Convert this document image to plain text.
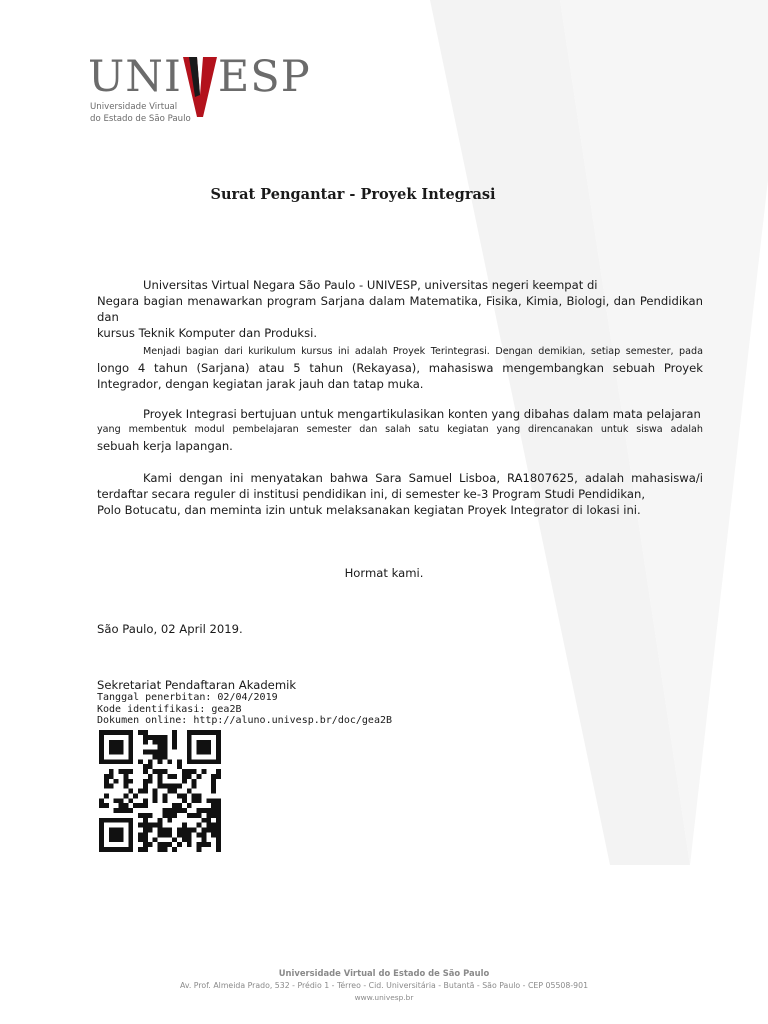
UNI ESP
Universidade Virtual
do Estado de São Paulo
Surat Pengantar - Proyek Integrasi
Universitas Virtual Negara São Paulo - UNIVESP, universitas negeri keempat di
Negara bagian menawarkan program Sarjana dalam Matematika, Fisika, Kimia, Biologi, dan Pendidikan dan
kursus Teknik Komputer dan Produksi.
Menjadi bagian dari kurikulum kursus ini adalah Proyek Terintegrasi. Dengan demikian, setiap semester, pada
longo 4 tahun (Sarjana) atau 5 tahun (Rekayasa), mahasiswa mengembangkan sebuah Proyek
Integrador, dengan kegiatan jarak jauh dan tatap muka.
Proyek Integrasi bertujuan untuk mengartikulasikan konten yang dibahas dalam mata pelajaran
yang membentuk modul pembelajaran semester dan salah satu kegiatan yang direncanakan untuk siswa adalah
sebuah kerja lapangan.
Kami dengan ini menyatakan bahwa Sara Samuel Lisboa, RA1807625, adalah mahasiswa/i
terdaftar secara reguler di institusi pendidikan ini, di semester ke-3 Program Studi Pendidikan,
Polo Botucatu, dan meminta izin untuk melaksanakan kegiatan Proyek Integrator di lokasi ini.
Hormat kami.
São Paulo, 02 April 2019.
Sekretariat Pendaftaran Akademik
Tanggal penerbitan: 02/04/2019
Kode identifikasi: gea2B
Dokumen online: http://aluno.univesp.br/doc/gea2B
Universidade Virtual do Estado de São Paulo
Av. Prof. Almeida Prado, 532 - Prédio 1 - Térreo - Cid. Universitária - Butantã - São Paulo - CEP 05508-901
www.univesp.br
